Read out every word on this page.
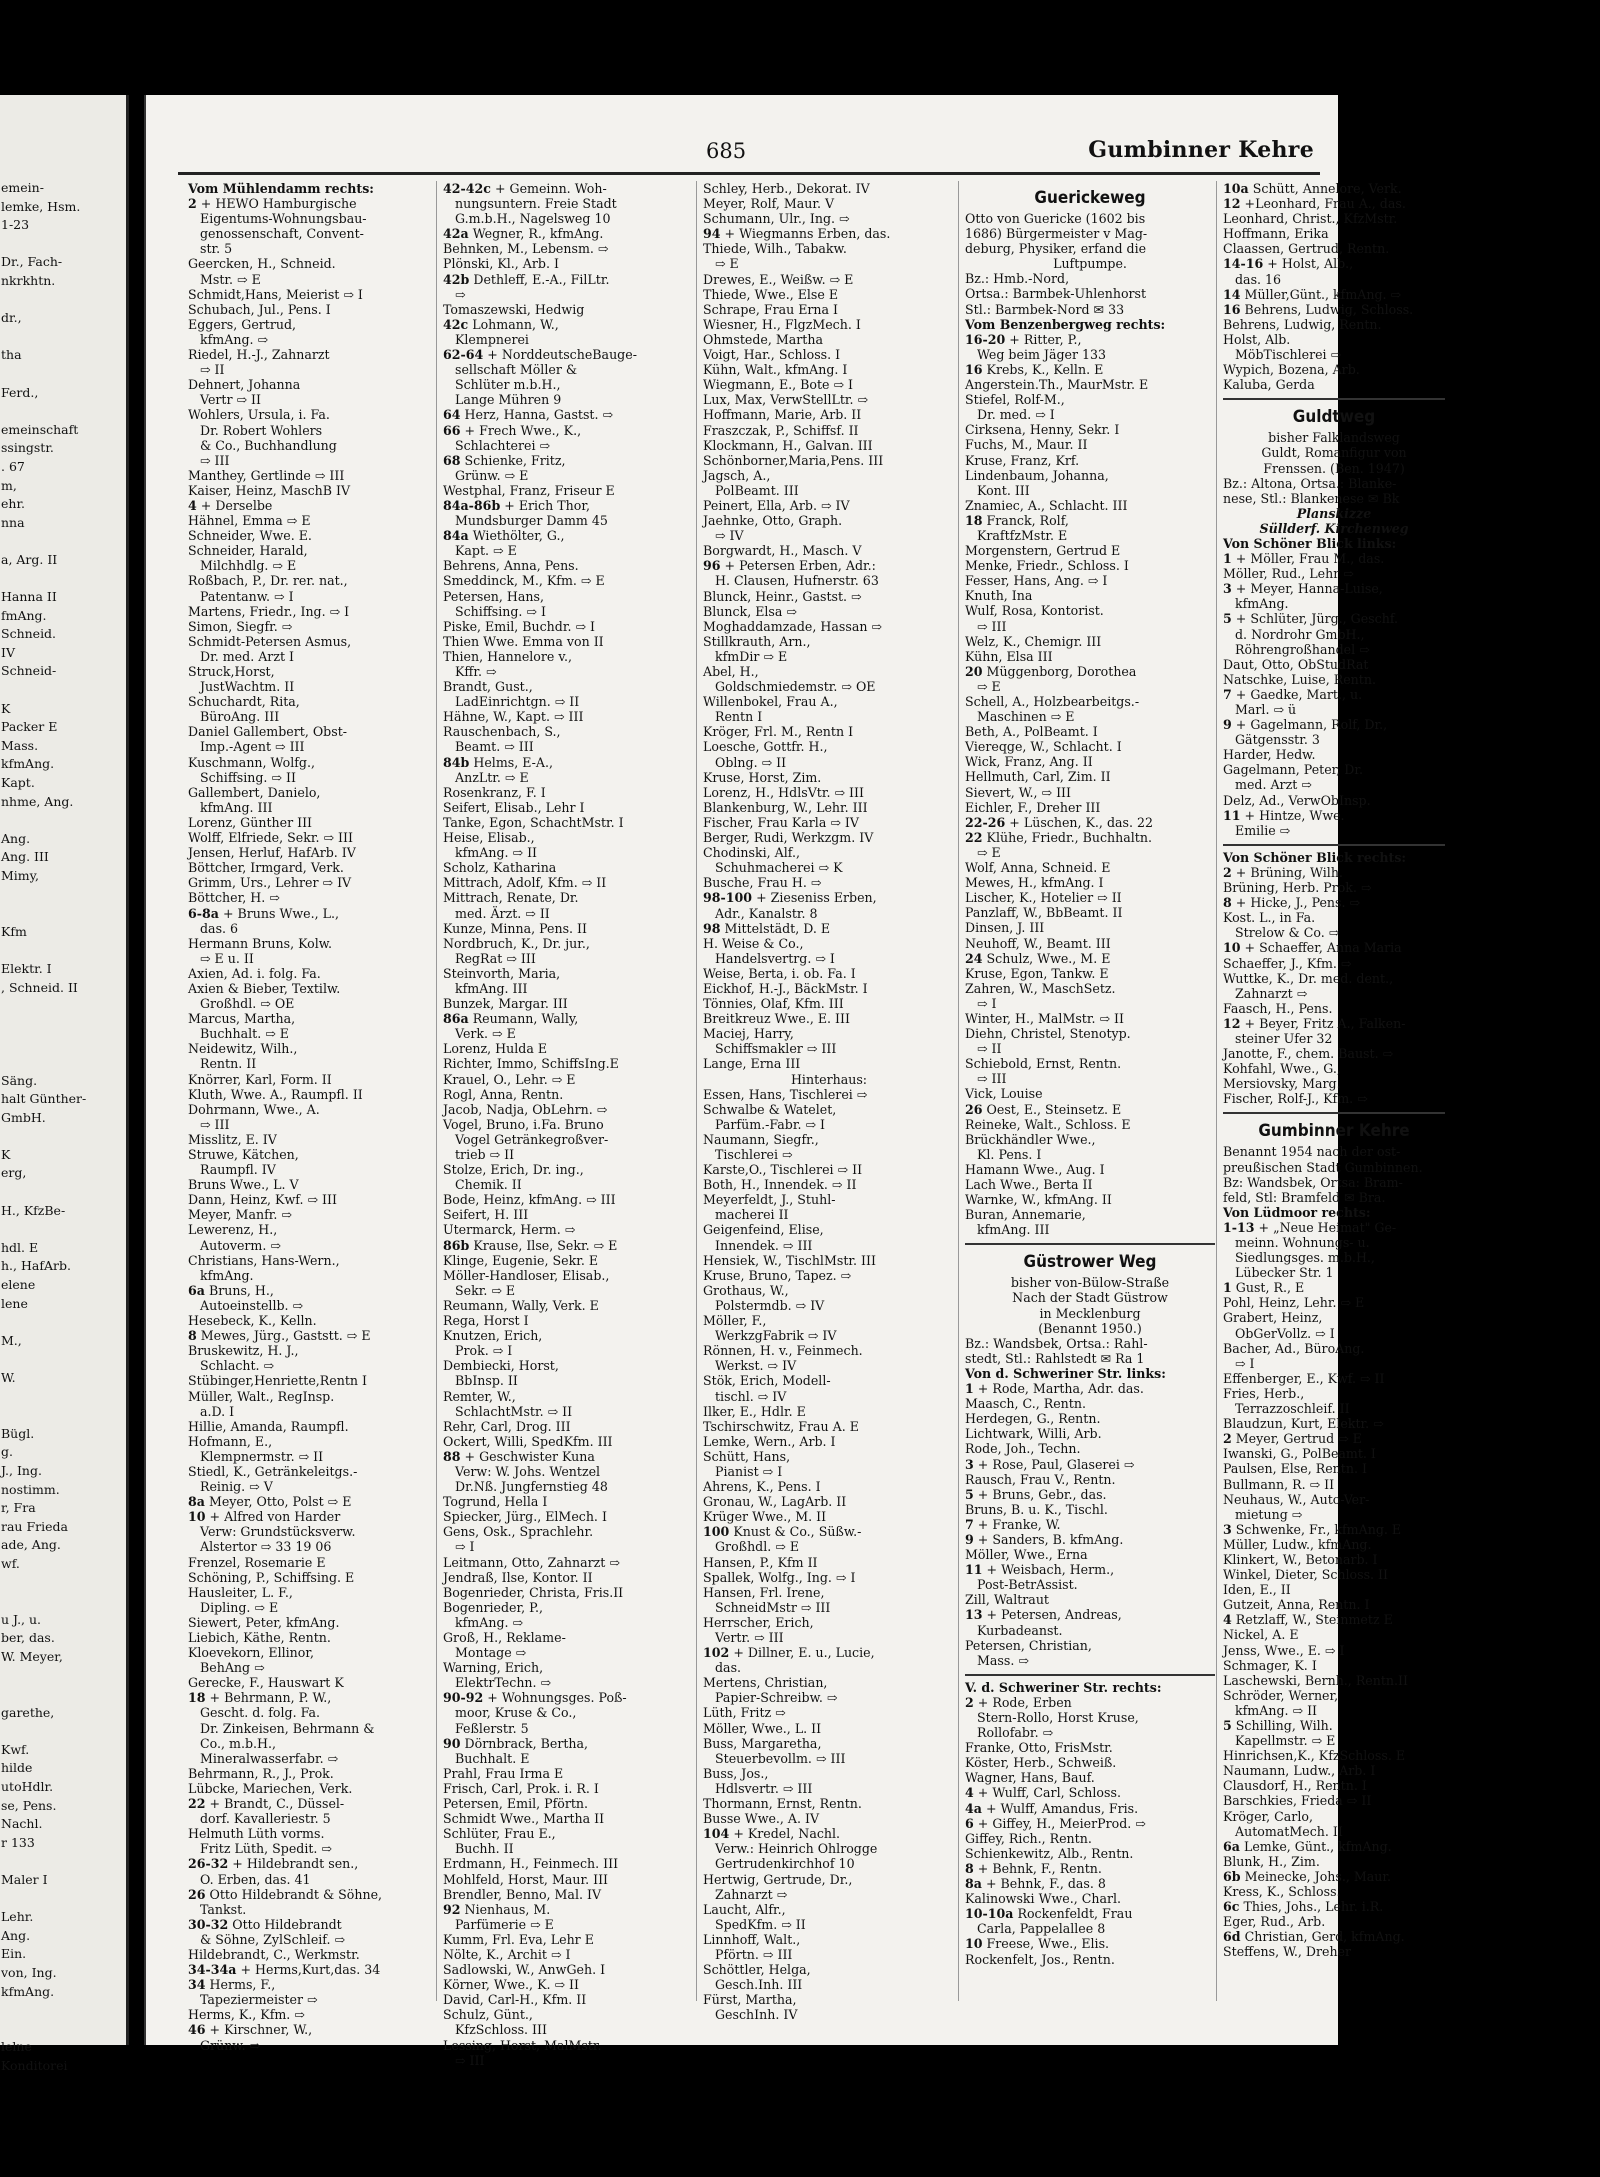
emein-
lemke, Hsm.
1-23

Dr., Fach-
nkrkhtn.

dr.,

tha

Ferd.,

emeinschaft
ssingstr.
. 67
m,
ehr.
nna

a, Arg. II

Hanna II
fmAng.
Schneid.
IV
Schneid-

K
Packer E
Mass.
kfmAng.
Kapt.
nhme, Ang.

Ang.
Ang. III
Mimy,

Kfm

Elektr. I
, Schneid. II

Säng.
halt Günther-
GmbH.

K
erg,

H., KfzBe-

hdl. E
h., HafArb.
elene
lene

M.,

W.

Bügl.
g.
J., Ing.
nostimm.
r, Fra
rau Frieda
ade, Ang.
wf.

u J., u.
ber, das.
W. Meyer,

garethe,

Kwf.
hilde
utoHdlr.
se, Pens.
Nachl.
r 133

Maler I

Lehr.
Ang.
Ein.
von, Ing.
kfmAng.

lelne
Konditorei
685	Gumbinner Kehre
Vom Mühlendamm rechts:
2 + HEWO Hamburgische
Eigentums-Wohnungsbau-
genossenschaft, Convent-
str. 5
Geercken, H., Schneid.
Mstr. ⇨ E
Schmidt,Hans, Meierist ⇨ I
Schubach, Jul., Pens. I
Eggers, Gertrud,
kfmAng. ⇨
Riedel, H.-J., Zahnarzt
⇨ II
Dehnert, Johanna
Vertr ⇨ II
Wohlers, Ursula, i. Fa.
Dr. Robert Wohlers
& Co., Buchhandlung
⇨ III
Manthey, Gertlinde ⇨ III
Kaiser, Heinz, MaschB IV
4 + Derselbe
Hähnel, Emma ⇨ E
Schneider, Wwe. E.
Schneider, Harald,
Milchhdlg. ⇨ E
Roßbach, P., Dr. rer. nat.,
Patentanw. ⇨ I
Martens, Friedr., Ing. ⇨ I
Simon, Siegfr. ⇨
Schmidt-Petersen Asmus,
Dr. med. Arzt I
Struck,Horst,
JustWachtm. II
Schuchardt, Rita,
BüroAng. III
Daniel Gallembert, Obst-
Imp.-Agent ⇨ III
Kuschmann, Wolfg.,
Schiffsing. ⇨ II
Gallembert, Danielo,
kfmAng. III
Lorenz, Günther III
Wolff, Elfriede, Sekr. ⇨ III
Jensen, Herluf, HafArb. IV
Böttcher, Irmgard, Verk.
Grimm, Urs., Lehrer ⇨ IV
Böttcher, H. ⇨
6-8a + Bruns Wwe., L.,
das. 6
Hermann Bruns, Kolw.
⇨ E u. II
Axien, Ad. i. folg. Fa.
Axien & Bieber, Textilw.
Großhdl. ⇨ OE
Marcus, Martha,
Buchhalt. ⇨ E
Neidewitz, Wilh.,
Rentn. II
Knörrer, Karl, Form. II
Kluth, Wwe. A., Raumpfl. II
Dohrmann, Wwe., A.
⇨ III
Misslitz, E. IV
Struwe, Kätchen,
Raumpfl. IV
Bruns Wwe., L. V
Dann, Heinz, Kwf. ⇨ III
Meyer, Manfr. ⇨
Lewerenz, H.,
Autoverm. ⇨
Christians, Hans-Wern.,
kfmAng.
6a Bruns, H.,
Autoeinstellb. ⇨
Hesebeck, K., Kelln.
8 Mewes, Jürg., Gaststt. ⇨ E
Bruskewitz, H. J.,
Schlacht. ⇨
Stübinger,Henriette,Rentn I
Müller, Walt., RegInsp.
a.D. I
Hillie, Amanda, Raumpfl.
Hofmann, E.,
Klempnermstr. ⇨ II
Stiedl, K., Getränkeleitgs.-
Reinig. ⇨ V
8a Meyer, Otto, Polst ⇨ E
10 + Alfred von Harder
Verw: Grundstücksverw.
Alstertor ⇨ 33 19 06
Frenzel, Rosemarie E
Schöning, P., Schiffsing. E
Hausleiter, L. F.,
Dipling. ⇨ E
Siewert, Peter, kfmAng.
Liebich, Käthe, Rentn.
Kloevekorn, Ellinor,
BehAng ⇨
Gerecke, F., Hauswart K
18 + Behrmann, P. W.,
Gescht. d. folg. Fa.
Dr. Zinkeisen, Behrmann &
Co., m.b.H.,
Mineralwasserfabr. ⇨
Behrmann, R., J., Prok.
Lübcke, Mariechen, Verk.
22 + Brandt, C., Düssel-
dorf. Kavalleriestr. 5
Helmuth Lüth vorms.
Fritz Lüth, Spedit. ⇨
26-32 + Hildebrandt sen.,
O. Erben, das. 41
26 Otto Hildebrandt & Söhne,
Tankst.
30-32 Otto Hildebrandt
& Söhne, ZylSchleif. ⇨
Hildebrandt, C., Werkmstr.
34-34a + Herms,Kurt,das. 34
34 Herms, F.,
Tapeziermeister ⇨
Herms, K., Kfm. ⇨
46 + Kirschner, W.,
Grünw. ⇨
42-42c + Gemeinn. Woh-
nungsuntern. Freie Stadt
G.m.b.H., Nagelsweg 10
42a Wegner, R., kfmAng.
Behnken, M., Lebensm. ⇨
Plönski, Kl., Arb. I
42b Dethleff, E.-A., FilLtr.
⇨
Tomaszewski, Hedwig
42c Lohmann, W.,
Klempnerei
62-64 + NorddeutscheBauge-
sellschaft Möller &
Schlüter m.b.H.,
Lange Mühren 9
64 Herz, Hanna, Gastst. ⇨
66 + Frech Wwe., K.,
Schlachterei ⇨
68 Schienke, Fritz,
Grünw. ⇨ E
Westphal, Franz, Friseur E
84a-86b + Erich Thor,
Mundsburger Damm 45
84a Wiethölter, G.,
Kapt. ⇨ E
Behrens, Anna, Pens.
Smeddinck, M., Kfm. ⇨ E
Petersen, Hans,
Schiffsing. ⇨ I
Piske, Emil, Buchdr. ⇨ I
Thien Wwe. Emma von II
Thien, Hannelore v.,
Kffr. ⇨
Brandt, Gust.,
LadEinrichtgn. ⇨ II
Hähne, W., Kapt. ⇨ III
Rauschenbach, S.,
Beamt. ⇨ III
84b Helms, E-A.,
AnzLtr. ⇨ E
Rosenkranz, F. I
Seifert, Elisab., Lehr I
Tanke, Egon, SchachtMstr. I
Heise, Elisab.,
kfmAng. ⇨ II
Scholz, Katharina
Mittrach, Adolf, Kfm. ⇨ II
Mittrach, Renate, Dr.
med. Ärzt. ⇨ II
Kunze, Minna, Pens. II
Nordbruch, K., Dr. jur.,
RegRat ⇨ III
Steinvorth, Maria,
kfmAng. III
Bunzek, Margar. III
86a Reumann, Wally,
Verk. ⇨ E
Lorenz, Hulda E
Richter, Immo, SchiffsIng.E
Krauel, O., Lehr. ⇨ E
Rogl, Anna, Rentn.
Jacob, Nadja, ObLehrn. ⇨
Vogel, Bruno, i.Fa. Bruno
Vogel Getränkegroßver-
trieb ⇨ II
Stolze, Erich, Dr. ing.,
Chemik. II
Bode, Heinz, kfmAng. ⇨ III
Seifert, H. III
Utermarck, Herm. ⇨
86b Krause, Ilse, Sekr. ⇨ E
Klinge, Eugenie, Sekr. E
Möller-Handloser, Elisab.,
Sekr. ⇨ E
Reumann, Wally, Verk. E
Rega, Horst I
Knutzen, Erich,
Prok. ⇨ I
Dembiecki, Horst,
BbInsp. II
Remter, W.,
SchlachtMstr. ⇨ II
Rehr, Carl, Drog. III
Ockert, Willi, SpedKfm. III
88 + Geschwister Kuna
Verw: W. Johs. Wentzel
Dr.Nß. Jungfernstieg 48
Togrund, Hella I
Spiecker, Jürg., ElMech. I
Gens, Osk., Sprachlehr.
⇨ I
Leitmann, Otto, Zahnarzt ⇨
Jendraß, Ilse, Kontor. II
Bogenrieder, Christa, Fris.II
Bogenrieder, P.,
kfmAng. ⇨
Groß, H., Reklame-
Montage ⇨
Warning, Erich,
ElektrTechn. ⇨
90-92 + Wohnungsges. Poß-
moor, Kruse & Co.,
Feßlerstr. 5
90 Dörnbrack, Bertha,
Buchhalt. E
Prahl, Frau Irma E
Frisch, Carl, Prok. i. R. I
Petersen, Emil, Pförtn.
Schmidt Wwe., Martha II
Schlüter, Frau E.,
Buchh. II
Erdmann, H., Feinmech. III
Mohlfeld, Horst, Maur. III
Brendler, Benno, Mal. IV
92 Nienhaus, M.
Parfümerie ⇨ E
Kumm, Frl. Eva, Lehr E
Nölte, K., Archit ⇨ I
Sadlowski, W., AnwGeh. I
Körner, Wwe., K. ⇨ II
David, Carl-H., Kfm. II
Schulz, Günt.,
KfzSchloss. III
Lessing, Horst, MalMstr.
⇨ III
Schley, Herb., Dekorat. IV
Meyer, Rolf, Maur. V
Schumann, Ulr., Ing. ⇨
94 + Wiegmanns Erben, das.
Thiede, Wilh., Tabakw.
⇨ E
Drewes, E., Weißw. ⇨ E
Thiede, Wwe., Else E
Schrape, Frau Erna I
Wiesner, H., FlgzMech. I
Ohmstede, Martha
Voigt, Har., Schloss. I
Kühn, Walt., kfmAng. I
Wiegmann, E., Bote ⇨ I
Lux, Max, VerwStellLtr. ⇨
Hoffmann, Marie, Arb. II
Fraszczak, P., Schiffsf. II
Klockmann, H., Galvan. III
Schönborner,Maria,Pens. III
Jagsch, A.,
PolBeamt. III
Peinert, Ella, Arb. ⇨ IV
Jaehnke, Otto, Graph.
⇨ IV
Borgwardt, H., Masch. V
96 + Petersen Erben, Adr.:
H. Clausen, Hufnerstr. 63
Blunck, Heinr., Gastst. ⇨
Blunck, Elsa ⇨
Moghaddamzade, Hassan ⇨
Stillkrauth, Arn.,
kfmDir ⇨ E
Abel, H.,
Goldschmiedemstr. ⇨ OE
Willenbokel, Frau A.,
Rentn I
Kröger, Frl. M., Rentn I
Loesche, Gottfr. H.,
Oblng. ⇨ II
Kruse, Horst, Zim.
Lorenz, H., HdlsVtr. ⇨ III
Blankenburg, W., Lehr. III
Fischer, Frau Karla ⇨ IV
Berger, Rudi, Werkzgm. IV
Chodinski, Alf.,
Schuhmacherei ⇨ K
Busche, Frau H. ⇨
98-100 + Zieseniss Erben,
Adr., Kanalstr. 8
98 Mittelstädt, D. E
H. Weise & Co.,
Handelsvertrg. ⇨ I
Weise, Berta, i. ob. Fa. I
Eickhof, H.-J., BäckMstr. I
Tönnies, Olaf, Kfm. III
Breitkreuz Wwe., E. III
Maciej, Harry,
Schiffsmakler ⇨ III
Lange, Erna III
Hinterhaus:
Essen, Hans, Tischlerei ⇨
Schwalbe & Watelet,
Parfüm.-Fabr. ⇨ I
Naumann, Siegfr.,
Tischlerei ⇨
Karste,O., Tischlerei ⇨ II
Both, H., Innendek. ⇨ II
Meyerfeldt, J., Stuhl-
macherei II
Geigenfeind, Elise,
Innendek. ⇨ III
Hensiek, W., TischlMstr. III
Kruse, Bruno, Tapez. ⇨
Grothaus, W.,
Polstermdb. ⇨ IV
Möller, F.,
WerkzgFabrik ⇨ IV
Rönnen, H. v., Feinmech.
Werkst. ⇨ IV
Stök, Erich, Modell-
tischl. ⇨ IV
Ilker, E., Hdlr. E
Tschirschwitz, Frau A. E
Lemke, Wern., Arb. I
Schütt, Hans,
Pianist ⇨ I
Ahrens, K., Pens. I
Gronau, W., LagArb. II
Krüger Wwe., M. II
100 Knust & Co., Süßw.-
Großhdl. ⇨ E
Hansen, P., Kfm II
Spallek, Wolfg., Ing. ⇨ I
Hansen, Frl. Irene,
SchneidMstr ⇨ III
Herrscher, Erich,
Vertr. ⇨ III
102 + Dillner, E. u., Lucie,
das.
Mertens, Christian,
Papier-Schreibw. ⇨
Lüth, Fritz ⇨
Möller, Wwe., L. II
Buss, Margaretha,
Steuerbevollm. ⇨ III
Buss, Jos.,
Hdlsvertr. ⇨ III
Thormann, Ernst, Rentn.
Busse Wwe., A. IV
104 + Kredel, Nachl.
Verw.: Heinrich Ohlrogge
Gertrudenkirchhof 10
Hertwig, Gertrude, Dr.,
Zahnarzt ⇨
Laucht, Alfr.,
SpedKfm. ⇨ II
Linnhoff, Walt.,
Pförtn. ⇨ III
Schöttler, Helga,
Gesch.Inh. III
Fürst, Martha,
GeschInh. IV
Guerickeweg
Otto von Guericke (1602 bis
1686) Bürgermeister v Mag-
deburg, Physiker, erfand die
Luftpumpe.
Bz.: Hmb.-Nord,
Ortsa.: Barmbek-Uhlenhorst
Stl.: Barmbek-Nord ✉ 33
Vom Benzenbergweg rechts:
16-20 + Ritter, P.,
Weg beim Jäger 133
16 Krebs, K., Kelln. E
Angerstein.Th., MaurMstr. E
Stiefel, Rolf-M.,
Dr. med. ⇨ I
Cirksena, Henny, Sekr. I
Fuchs, M., Maur. II
Kruse, Franz, Krf.
Lindenbaum, Johanna,
Kont. III
Znamiec, A., Schlacht. III
18 Franck, Rolf,
KraftfzMstr. E
Morgenstern, Gertrud E
Menke, Friedr., Schloss. I
Fesser, Hans, Ang. ⇨ I
Knuth, Ina
Wulf, Rosa, Kontorist.
⇨ III
Welz, K., Chemigr. III
Kühn, Elsa III
20 Müggenborg, Dorothea
⇨ E
Schell, A., Holzbearbeitgs.-
Maschinen ⇨ E
Beth, A., PolBeamt. I
Viereqge, W., Schlacht. I
Wick, Franz, Ang. II
Hellmuth, Carl, Zim. II
Sievert, W., ⇨ III
Eichler, F., Dreher III
22-26 + Lüschen, K., das. 22
22 Klühe, Friedr., Buchhaltn.
⇨ E
Wolf, Anna, Schneid. E
Mewes, H., kfmAng. I
Lischer, K., Hotelier ⇨ II
Panzlaff, W., BbBeamt. II
Dinsen, J. III
Neuhoff, W., Beamt. III
24 Schulz, Wwe., M. E
Kruse, Egon, Tankw. E
Zahren, W., MaschSetz.
⇨ I
Winter, H., MalMstr. ⇨ II
Diehn, Christel, Stenotyp.
⇨ II
Schiebold, Ernst, Rentn.
⇨ III
Vick, Louise
26 Oest, E., Steinsetz. E
Reineke, Walt., Schloss. E
Brückhändler Wwe.,
Kl. Pens. I
Hamann Wwe., Aug. I
Lach Wwe., Berta II
Warnke, W., kfmAng. II
Buran, Annemarie,
kfmAng. III
Güstrower Weg
bisher von-Bülow-Straße
Nach der Stadt Güstrow
in Mecklenburg
(Benannt 1950.)
Bz.: Wandsbek, Ortsa.: Rahl-
stedt, Stl.: Rahlstedt ✉ Ra 1
Von d. Schweriner Str. links:
1 + Rode, Martha, Adr. das.
Maasch, C., Rentn.
Herdegen, G., Rentn.
Lichtwark, Willi, Arb.
Rode, Joh., Techn.
3 + Rose, Paul, Glaserei ⇨
Rausch, Frau V., Rentn.
5 + Bruns, Gebr., das.
Bruns, B. u. K., Tischl.
7 + Franke, W.
9 + Sanders, B. kfmAng.
Möller, Wwe., Erna
11 + Weisbach, Herm.,
Post-BetrAssist.
Zill, Waltraut
13 + Petersen, Andreas,
Kurbadeanst.
Petersen, Christian,
Mass. ⇨
V. d. Schweriner Str. rechts:
2 + Rode, Erben
Stern-Rollo, Horst Kruse,
Rollofabr. ⇨
Franke, Otto, FrisMstr.
Köster, Herb., Schweiß.
Wagner, Hans, Bauf.
4 + Wulff, Carl, Schloss.
4a + Wulff, Amandus, Fris.
6 + Giffey, H., MeierProd. ⇨
Giffey, Rich., Rentn.
Schienkewitz, Alb., Rentn.
8 + Behnk, F., Rentn.
8a + Behnk, F., das. 8
Kalinowski Wwe., Charl.
10-10a Rockenfeldt, Frau
Carla, Pappelallee 8
10 Freese, Wwe., Elis.
Rockenfelt, Jos., Rentn.
10a Schütt, Annelore, Verk.
12 +Leonhard, Frau A., das.
Leonhard, Christ., KfzMstr.
Hoffmann, Erika
Claassen, Gertrud, Rentn.
14-16 + Holst, Alb.,
das. 16
14 Müller,Günt., kfmAng. ⇨
16 Behrens, Ludwig, Schloss.
Behrens, Ludwig, Rentn.
Holst, Alb.
MöbTischlerei ⇨
Wypich, Bozena, Arb.
Kaluba, Gerda
Guldtweg
bisher Falklandsweg
Guldt, Romanfigur von
Frenssen. (Ben. 1947)
Bz.: Altona, Ortsa.: Blanke-
nese, Stl.: Blankenese ✉ Bk
Planskizze
Süllderf. Kirchenweg
Von Schöner Blick links:
1 + Möller, Frau M., das.
Möller, Rud., Lehr ⇨
3 + Meyer, Hanna-Luise,
kfmAng.
5 + Schlüter, Jürg., Geschf.
d. Nordrohr GmbH.,
Röhrengroßhandel ⇨
Daut, Otto, ObStudRat
Natschke, Luise, Rentn.
7 + Gaedke, Mart., u.
Marl. ⇨ ü
9 + Gagelmann, Rolf, Dr.,
Gätgensstr. 3
Harder, Hedw.
Gagelmann, Peter, Dr.
med. Arzt ⇨
Delz, Ad., VerwObInsp.
11 + Hintze, Wwe.
Emilie ⇨
Von Schöner Blick rechts:
2 + Brüning, Wilh.
Brüning, Herb. Prok. ⇨
8 + Hicke, J., Pens. ⇨
Kost. L., in Fa.
Strelow & Co. ⇨
10 + Schaeffer, Anna Maria
Schaeffer, J., Kfm. ⇨
Wuttke, K., Dr. med. dent.,
Zahnarzt ⇨
Faasch, H., Pens.
12 + Beyer, Fritz A., Falken-
steiner Ufer 32
Janotte, F., chem. Baust. ⇨
Kohfahl, Wwe., G.,
Mersiovsky, Marg.
Fischer, Rolf-J., Kfm. ⇨
Gumbinner Kehre
Benannt 1954 nach der ost-
preußischen Stadt Gumbinnen.
Bz: Wandsbek, Ortsa: Bram-
feld, Stl: Bramfeld ✉ Bra.
Von Lüdmoor rechts:
1-13 + „Neue Heimat" Ge-
meinn. Wohnungs- u.
Siedlungsges. m.b.H.,
Lübecker Str. 1
1 Gust, R., E
Pohl, Heinz, Lehr. ⇨ E
Grabert, Heinz,
ObGerVollz. ⇨ I
Bacher, Ad., BüroAng.
⇨ I
Effenberger, E., Kwf. ⇨ II
Fries, Herb.,
Terrazzoschleif. II
Blaudzun, Kurt, Elektr. ⇨
2 Meyer, Gertrud ⇨ E
Iwanski, G., PolBeamt. I
Paulsen, Else, Rentn. I
Bullmann, R. ⇨ II
Neuhaus, W., Auto-Ver-
mietung ⇨
3 Schwenke, Fr., kfmAng. E
Müller, Ludw., kfmAng.
Klinkert, W., Betonarb. I
Winkel, Dieter, Schloss. II
Iden, E., II
Gutzeit, Anna, Rentn. I
4 Retzlaff, W., Steinmetz E
Nickel, A. E
Jenss, Wwe., E. ⇨ I
Schmager, K. I
Laschewski, Bernh., Rentn.II
Schröder, Werner,
kfmAng. ⇨ II
5 Schilling, Wilh.
Kapellmstr. ⇨ E
Hinrichsen,K., KfzSchloss. E
Naumann, Ludw., Arb. I
Clausdorf, H., Rentn. I
Barschkies, Frieda ⇨ II
Kröger, Carlo,
AutomatMech. II
6a Lemke, Günt., kfmAng.
Blunk, H., Zim.
6b Meinecke, Johs., Maur.
Kress, K., Schloss.
6c Thies, Johs., Lehr. i.R.
Eger, Rud., Arb.
6d Christian, Gerd, kfmAng.
Steffens, W., Dreher
